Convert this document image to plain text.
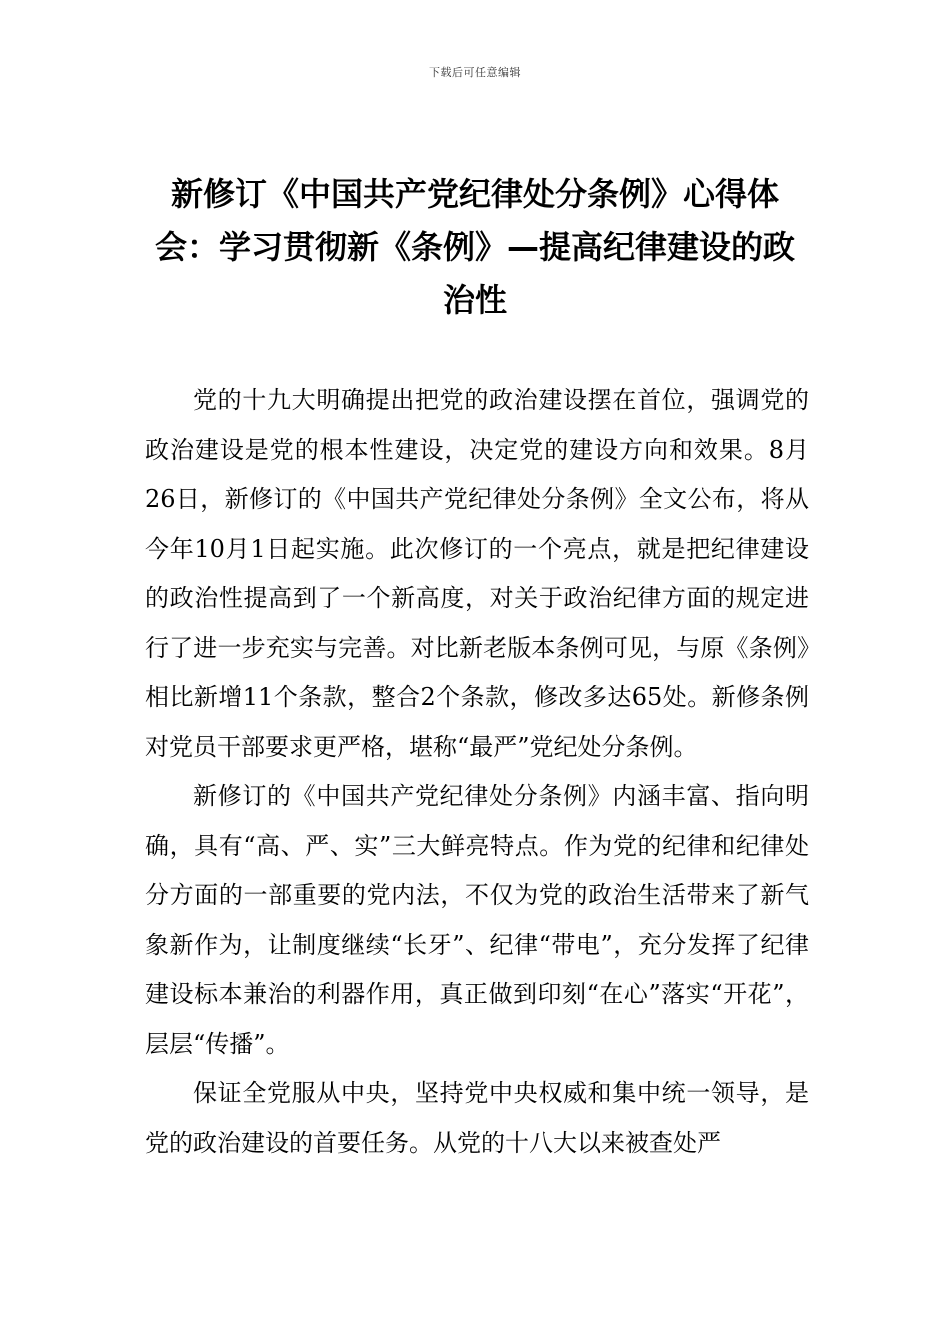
下载后可任意编辑
新修订《中国共产党纪律处分条例》心得体会：学习贯彻新《条例》—提高纪律建设的政治性

党的十九大明确提出把党的政治建设摆在首位，强调党的政治建设是党的根本性建设，决定党的建设方向和效果。8月26日，新修订的《中国共产党纪律处分条例》全文公布，将从今年10月1日起实施。此次修订的一个亮点，就是把纪律建设的政治性提高到了一个新高度，对关于政治纪律方面的规定进行了进一步充实与完善。对比新老版本条例可见，与原《条例》相比新增11个条款，整合2个条款，修改多达65处。新修条例对党员干部要求更严格，堪称“最严”党纪处分条例。

新修订的《中国共产党纪律处分条例》内涵丰富、指向明确，具有“高、严、实”三大鲜亮特点。作为党的纪律和纪律处分方面的一部重要的党内法，不仅为党的政治生活带来了新气象新作为，让制度继续“长牙”、纪律“带电”，充分发挥了纪律建设标本兼治的利器作用，真正做到印刻“在心”落实“开花”，层层“传播”。

保证全党服从中央，坚持党中央权威和集中统一领导，是党的政治建设的首要任务。从党的十八大以来被查处严
